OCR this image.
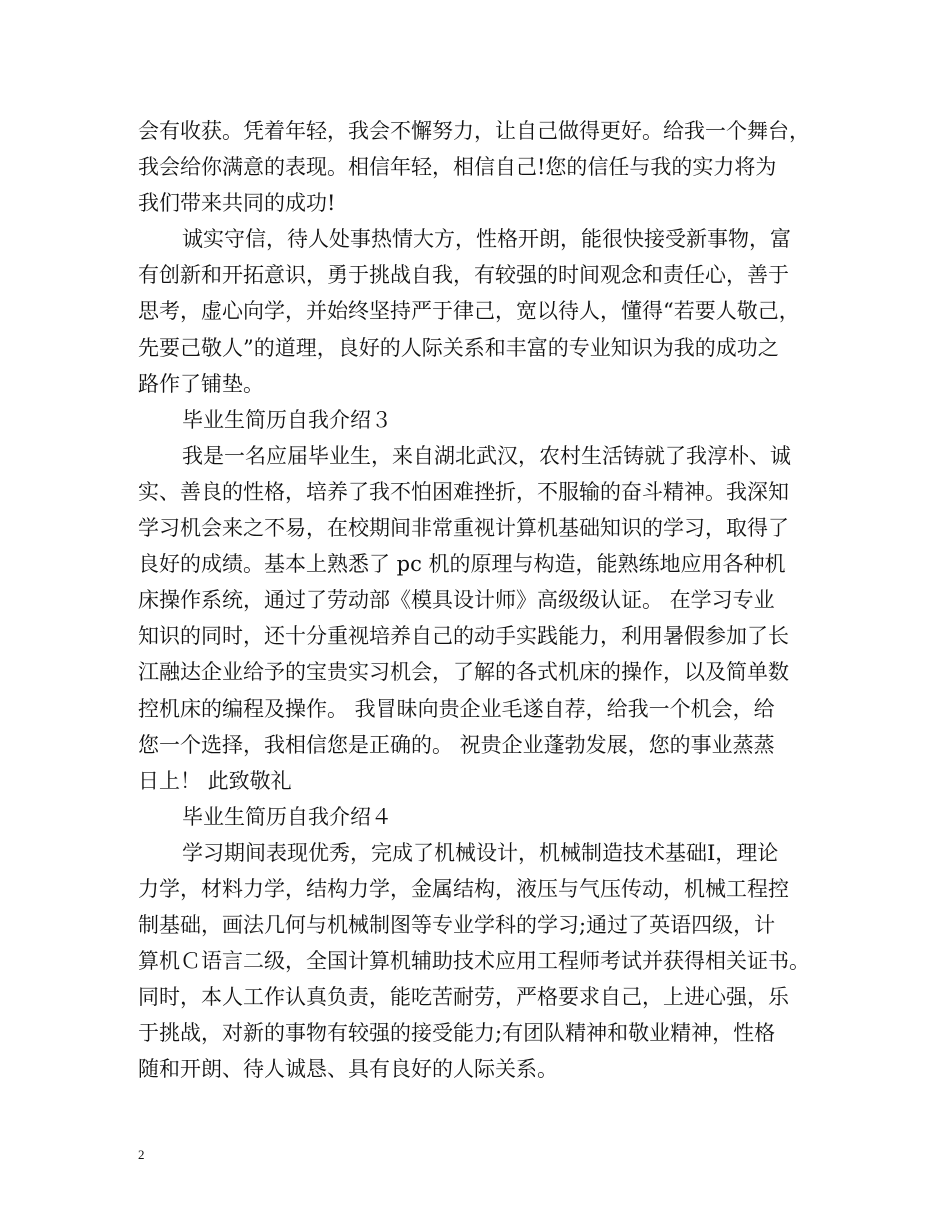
会有收获。凭着年轻，我会不懈努力，让自己做得更好。给我一个舞台，
我会给你满意的表现。相信年轻，相信自己!您的信任与我的实力将为
我们带来共同的成功!
诚实守信，待人处事热情大方，性格开朗，能很快接受新事物，富
有创新和开拓意识，勇于挑战自我，有较强的时间观念和责任心，善于
思考，虚心向学，并始终坚持严于律己，宽以待人，懂得“若要人敬己，
先要己敬人”的道理，良好的人际关系和丰富的专业知识为我的成功之
路作了铺垫。
毕业生简历自我介绍３
我是一名应届毕业生，来自湖北武汉，农村生活铸就了我淳朴、诚
实、善良的性格，培养了我不怕困难挫折，不服输的奋斗精神。我深知
学习机会来之不易，在校期间非常重视计算机基础知识的学习，取得了
良好的成绩。基本上熟悉了 pc 机的原理与构造，能熟练地应用各种机
床操作系统，通过了劳动部《模具设计师》高级级认证。 在学习专业
知识的同时，还十分重视培养自己的动手实践能力，利用暑假参加了长
江融达企业给予的宝贵实习机会，了解的各式机床的操作，以及简单数
控机床的编程及操作。 我冒昧向贵企业毛遂自荐，给我一个机会，给
您一个选择，我相信您是正确的。 祝贵企业蓬勃发展，您的事业蒸蒸
日上！ 此致敬礼
毕业生简历自我介绍４
学习期间表现优秀，完成了机械设计，机械制造技术基础Ⅰ，理论
力学，材料力学，结构力学，金属结构，液压与气压传动，机械工程控
制基础，画法几何与机械制图等专业学科的学习;通过了英语四级，计
算机Ｃ语言二级，全国计算机辅助技术应用工程师考试并获得相关证书。
同时，本人工作认真负责，能吃苦耐劳，严格要求自己，上进心强，乐
于挑战，对新的事物有较强的接受能力;有团队精神和敬业精神，性格
随和开朗、待人诚恳、具有良好的人际关系。
2
